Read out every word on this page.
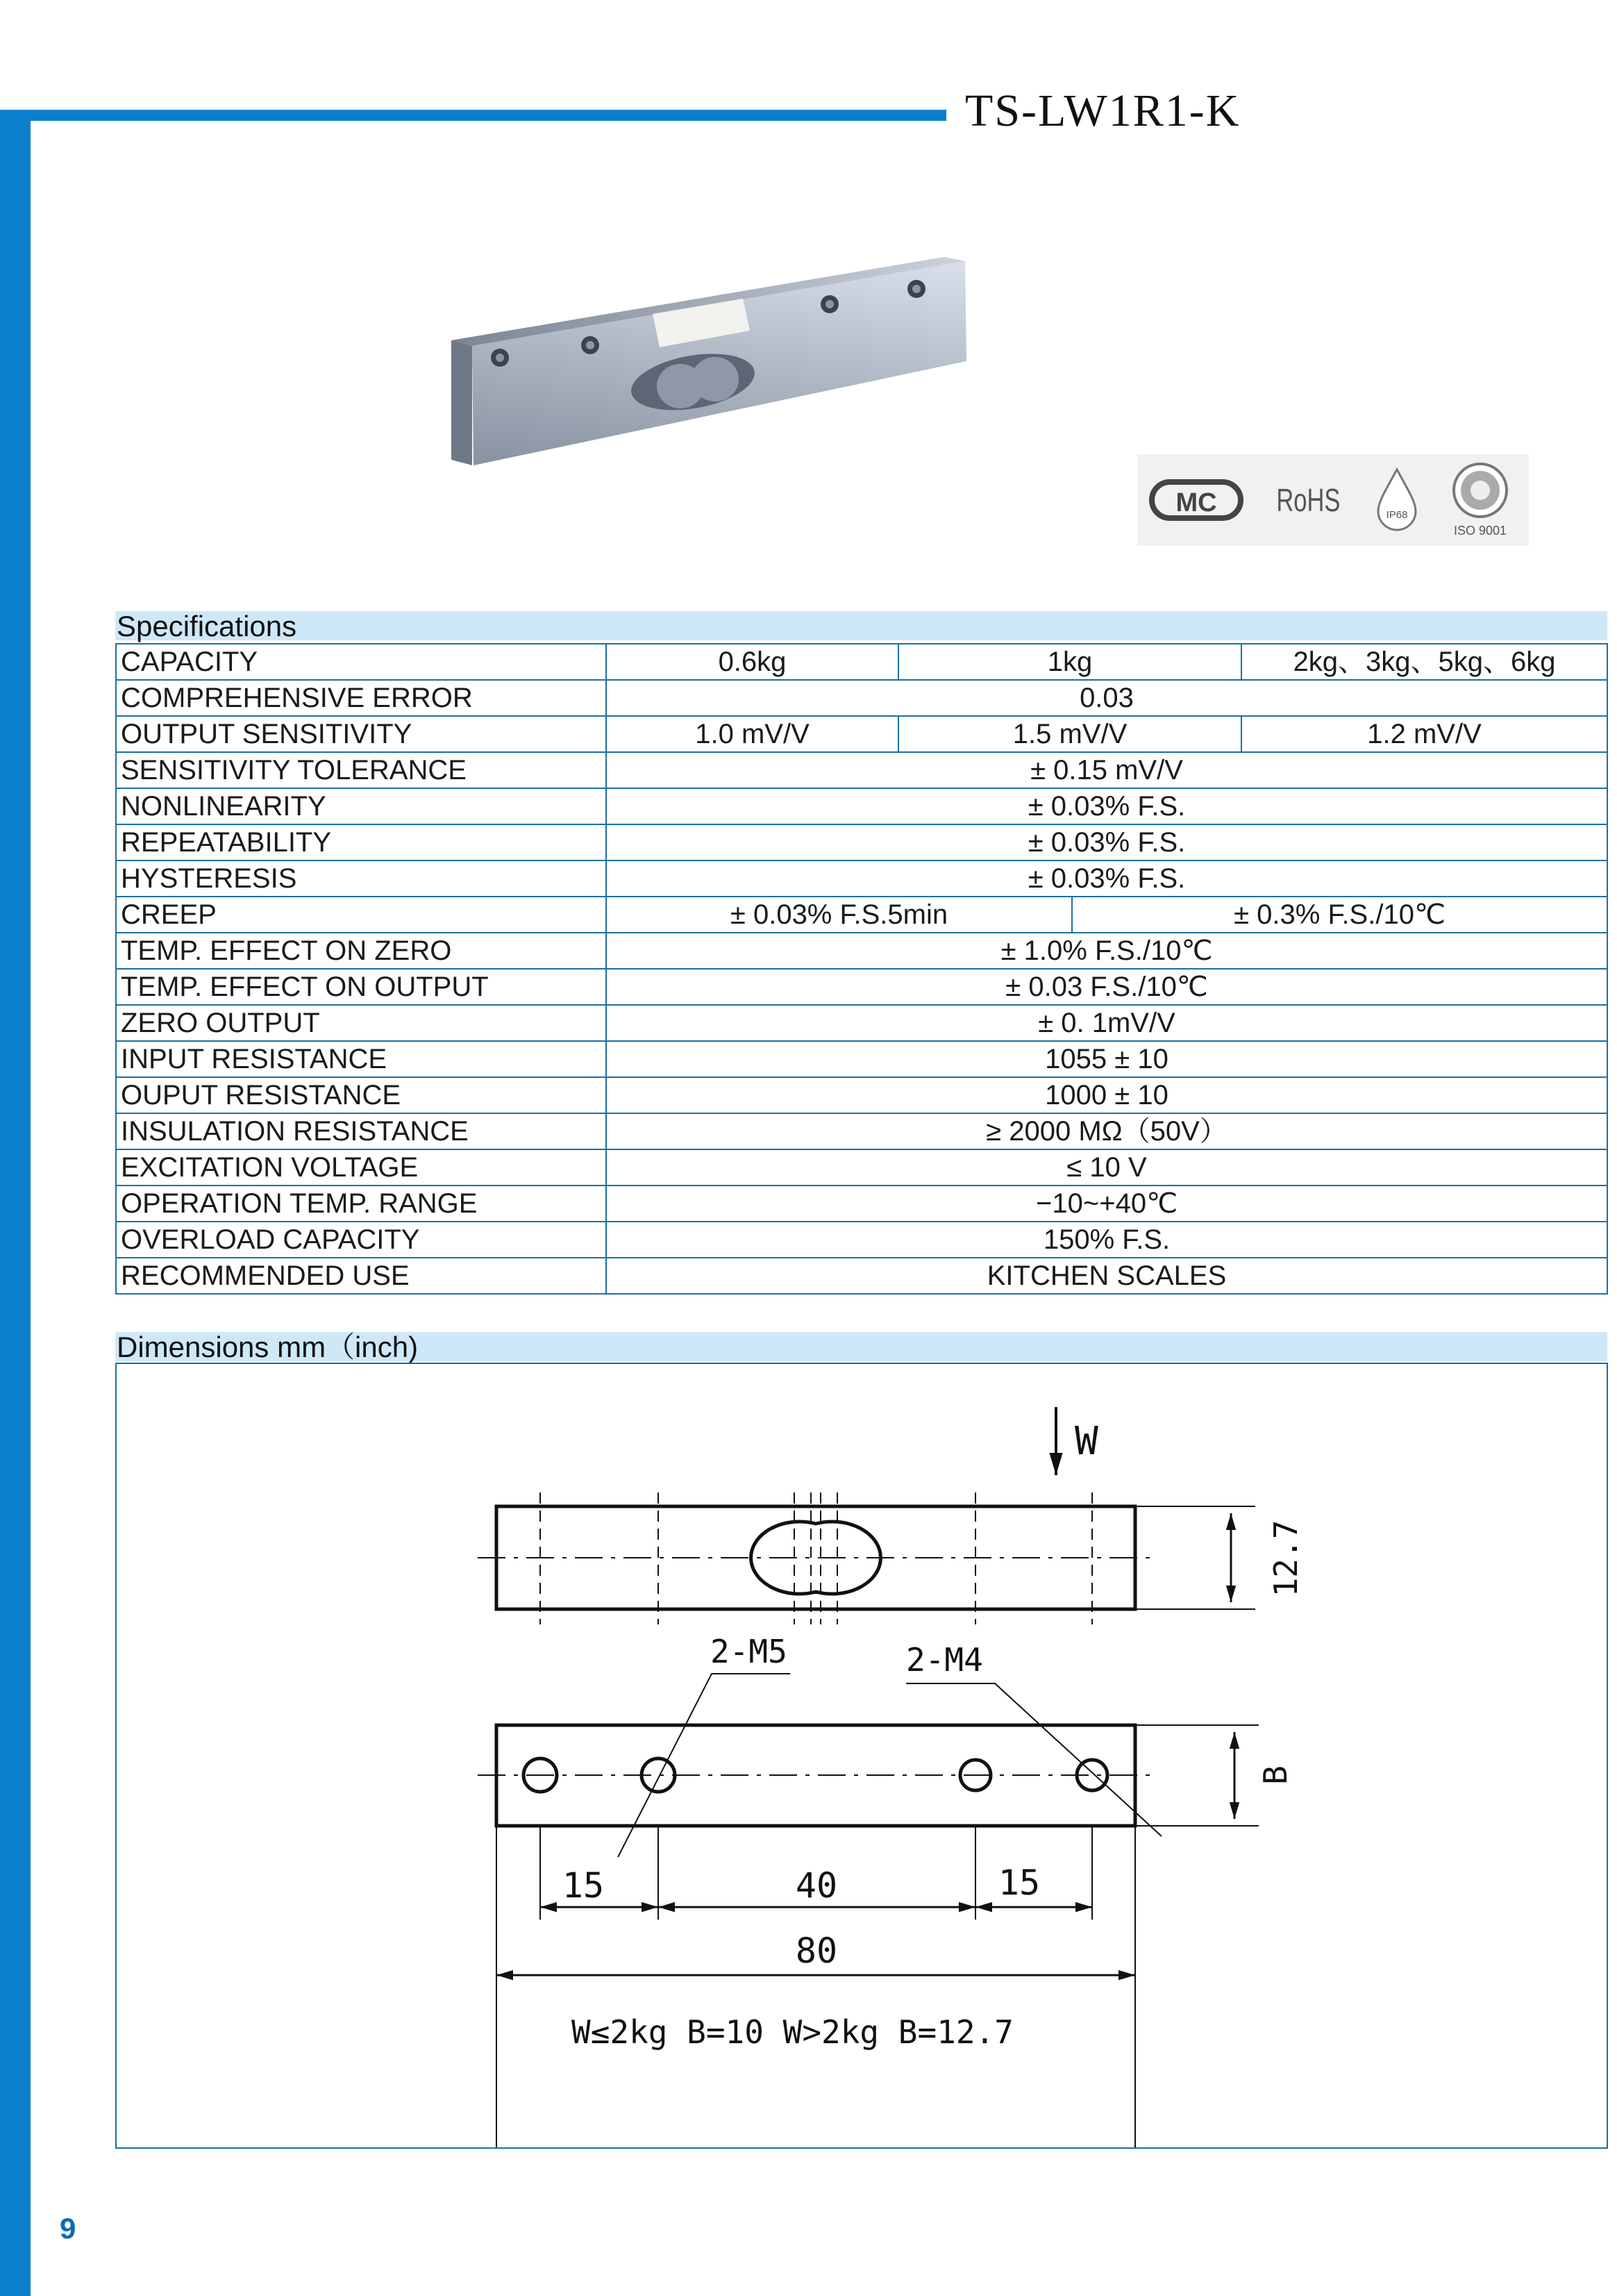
TS-LW1R1-K
MC RoHS	IP68
ISO 9001
Specifications
CAPACITY	0.6kg	1kg		2kg、3kg、5kg、6kg
COMPREHENSIVE ERROR	0.03			
OUTPUT SENSITIVITY	1.0 mV/V	1.5 mV/V		1.2 mV/V
SENSITIVITY TOLERANCE	± 0.15 mV/V			
NONLINEARITY	± 0.03% F.S.			
REPEATABILITY	± 0.03% F.S.			
HYSTERESIS	± 0.03% F.S.			
CREEP	± 0.03% F.S.5min		± 0.3% F.S./10℃	
TEMP. EFFECT ON ZERO	± 1.0% F.S./10℃			
TEMP. EFFECT ON OUTPUT	± 0.03 F.S./10℃			
ZERO OUTPUT	± 0. 1mV/V			
INPUT RESISTANCE	1055 ± 10			
OUPUT RESISTANCE	1000 ± 10			
INSULATION RESISTANCE	≥ 2000 MΩ（50V）			
EXCITATION VOLTAGE	≤ 10 V			
OPERATION TEMP. RANGE	−10~+40℃			
OVERLOAD CAPACITY	150% F.S.			
RECOMMENDED USE	KITCHEN SCALES			
Dimensions mm（inch)
W
12.7
B
2-M5	2-M4
15	40	15
80
W≤2kg B=10 W>2kg B=12.7
9
